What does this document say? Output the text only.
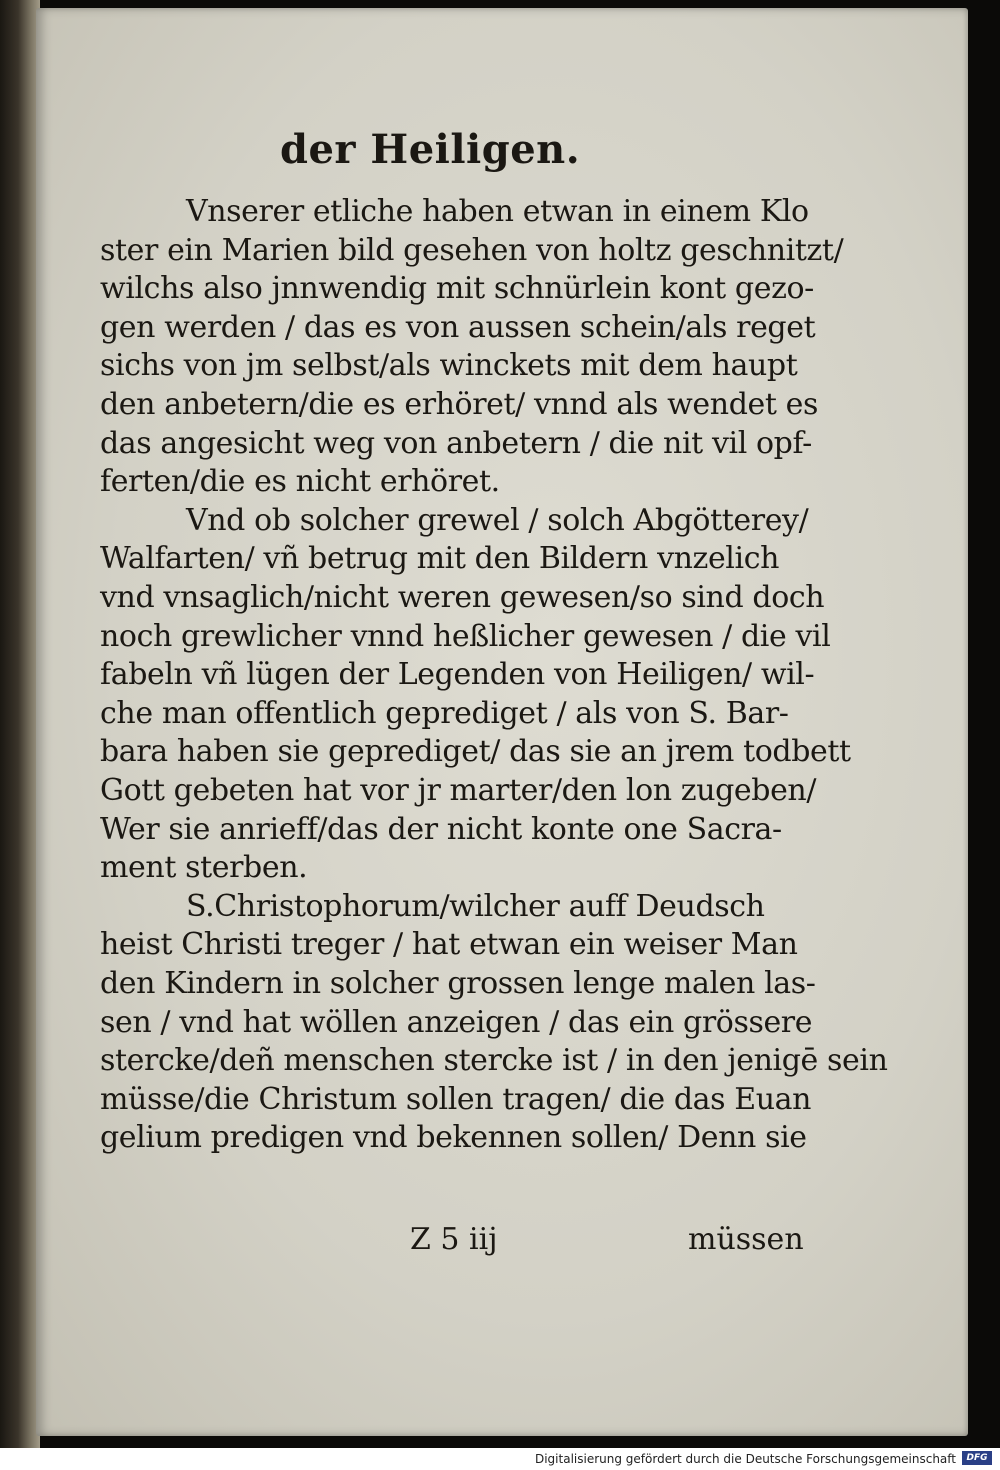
der Heiligen.
Z 5 iij	müssen
Vnserer etliche haben etwan in einem Klo
ster ein Marien bild gesehen von holtz geschnitzt/
wilchs also jnnwendig mit schnürlein kont gezo-
gen werden / das es von aussen schein/als reget
sichs von jm selbst/als winckets mit dem haupt
den anbetern/die es erhöret/ vnnd als wendet es
das angesicht weg von anbetern / die nit vil opf-
ferten/die es nicht erhöret.
Vnd ob solcher grewel / solch Abgötterey/
Walfarten/ vñ betrug mit den Bildern vnzelich
vnd vnsaglich/nicht weren gewesen/so sind doch
noch grewlicher vnnd heßlicher gewesen / die vil
fabeln vñ lügen der Legenden von Heiligen/ wil-
che man offentlich geprediget / als von S. Bar-
bara haben sie geprediget/ das sie an jrem todbett
Gott gebeten hat vor jr marter/den lon zugeben/
Wer sie anrieff/das der nicht konte one Sacra-
ment sterben.
S.Christophorum/wilcher auff Deudsch
heist Christi treger / hat etwan ein weiser Man
den Kindern in solcher grossen lenge malen las-
sen / vnd hat wöllen anzeigen / das ein grössere
stercke/deñ menschen stercke ist / in den jenigē sein
müsse/die Christum sollen tragen/ die das Euan
gelium predigen vnd bekennen sollen/ Denn sie
Digitalisierung gefördert durch die Deutsche Forschungsgemeinschaft	DFG
